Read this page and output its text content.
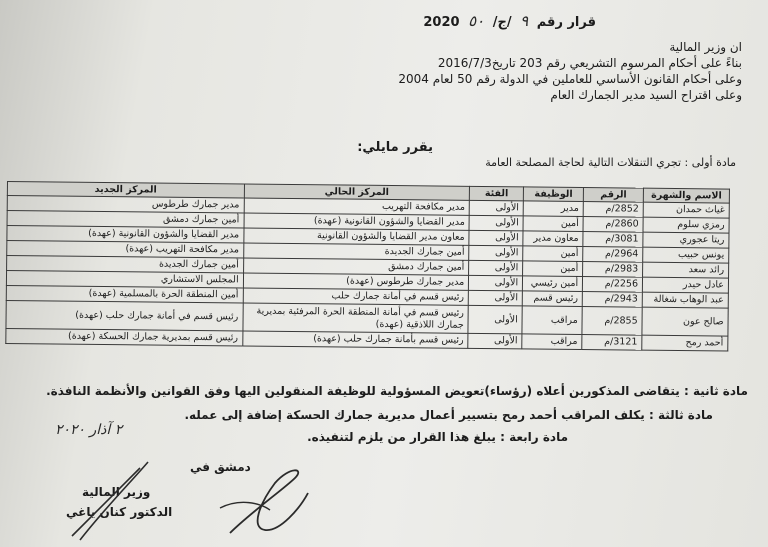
قرار رقم ٩ /ج/ ٥٠ 2020
ان وزير المالية
بناءً على أحكام المرسوم التشريعي رقم 203 تاريخ2016/7/3
وعلى أحكام القانون الأساسي للعاملين في الدولة رقم 50 لعام 2004
وعلى اقتراح السيد مدير الجمارك العام
يقرر مايلي:
مادة أولى : تجري التنقلات التالية لحاجة المصلحة العامة
الاسم والشهرة	الرقم	الوظيفة	الفئة	المركز الحالي	المركز الجديد
غياث حمدان	2852/م	مدير	الأولى	مدير مكافحة التهريب	مدير جمارك طرطوس
رمزي سلوم	2860/م	أمين	الأولى	مدير القضايا والشؤون القانونية (عهدة)	أمين جمارك دمشق
ريتا عجوري	3081/م	معاون مدير	الأولى	معاون مدير القضايا والشؤون القانونية	مدير القضايا والشؤون القانونية (عهدة)
يونس حبيب	2964/م	أمين	الأولى	أمين جمارك الجديدة	مدير مكافحة التهريب (عهدة)
رائد سعد	2983/م	أمين	الأولى	أمين جمارك دمشق	أمين جمارك الجديدة
عادل حيدر	2256/م	أمين رئيسي	الأولى	مدير جمارك طرطوس (عهدة)	المجلس الاستشاري
عبد الوهاب شغالة	2943/م	رئيس قسم	الأولى	رئيس قسم في أمانة جمارك حلب	أمين المنطقة الحرة بالمسلمية (عهدة)
صالح عون	2855/م	مراقب	الأولى	رئيس قسم في أمانة المنطقة الحرة المرفئية بمديرية جمارك اللاذقية (عهدة)	رئيس قسم في أمانة جمارك حلب (عهدة)
أحمد رمح	3121/م	مراقب	الأولى	رئيس قسم بأمانة جمارك حلب (عهدة)	رئيس قسم بمديرية جمارك الحسكة (عهدة)
مادة ثانية : يتقاضى المذكورين أعلاه (رؤساء)تعويض المسؤولية للوظيفة المنقولين اليها وفق القوانين والأنظمة النافذة.
مادة ثالثة : يكلف المراقب أحمد رمح بتسيير أعمال مديرية جمارك الحسكة إضافة إلى عمله.
مادة رابعة : يبلغ هذا القرار من يلزم لتنفيذه.
٢ آذار ٢٠٢٠
دمشق في
وزير المالية
الدكتور كنان ياغي
